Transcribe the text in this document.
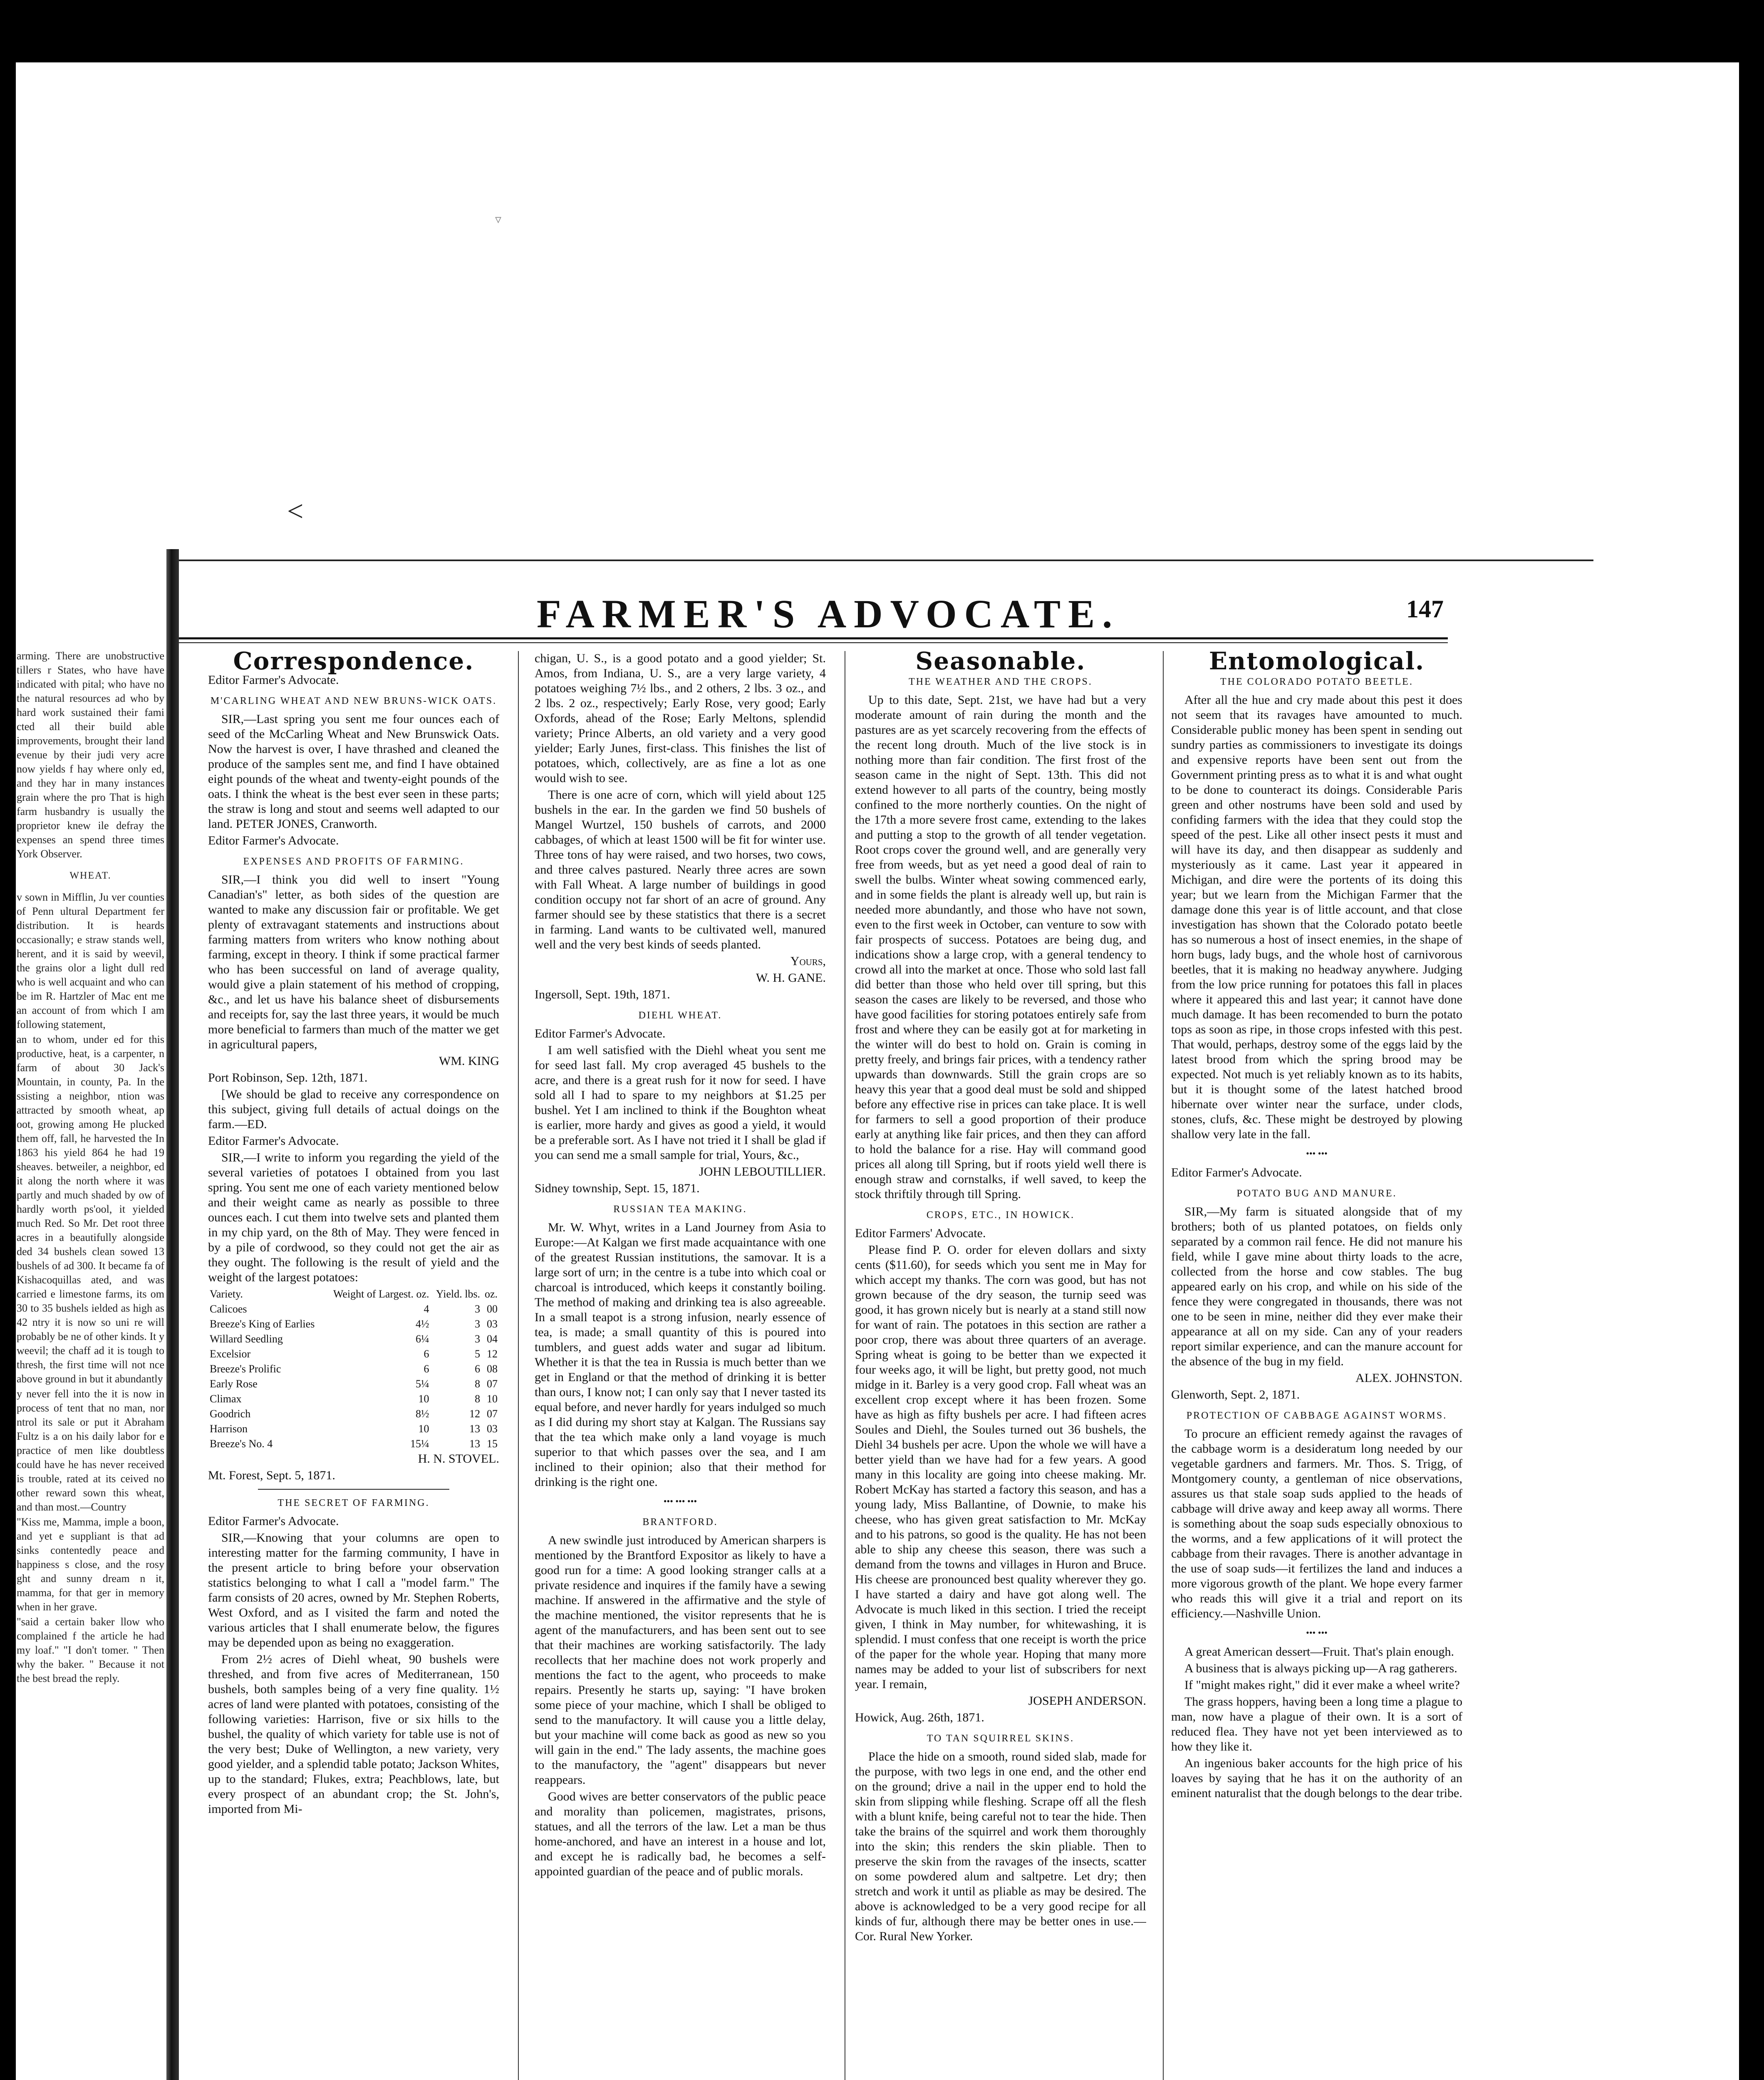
▿
<

arming. There are unobstructive tillers r States, who have have indicated with pital; who have no the natural resources ad who by hard work sustained their fami cted all their build able improvements, brought their land evenue by their judi very acre now yields f hay where only ed, and they har in many instances grain where the pro That is high farm husbandry is usually the proprietor knew ile defray the expenses an spend three times York Observer.

WHEAT.

v sown in Mifflin, Ju ver counties of Penn ultural Department fer distribution. It is heards occasionally; e straw stands well, herent, and it is said by weevil, the grains olor a light dull red who is well acquaint and who can be im R. Hartzler of Mac ent me an account of from which I am following statement,

an to whom, under ed for this productive, heat, is a carpenter, n farm of about 30 Jack's Mountain, in county, Pa. In the ssisting a neighbor, ntion was attracted by smooth wheat, ap oot, growing among He plucked them off, fall, he harvested the In 1863 his yield 864 he had 19 sheaves. betweiler, a neighbor, ed it along the north where it was partly and much shaded by ow of hardly worth ps'ool, it yielded much Red. So Mr. Det root three acres in a beautifully alongside ded 34 bushels clean sowed 13 bushels of ad 300. It became fa of Kishacoquillas ated, and was carried e limestone farms, its om 30 to 35 bushels ielded as high as 42 ntry it is now so uni re will probably be ne of other kinds. It y weevil; the chaff ad it is tough to thresh, the first time will not nce above ground in but it abundantly

y never fell into the it is now in process of tent that no man, nor ntrol its sale or put it Abraham Fultz is a on his daily labor for e practice of men like doubtless could have he has never received is trouble, rated at its ceived no other reward sown this wheat, and than most.—Country

"Kiss me, Mamma, imple a boon, and yet e suppliant is that ad sinks contentedly peace and happiness s close, and the rosy ght and sunny dream n it, mamma, for that ger in memory when in her grave.

"said a certain baker llow who complained f the article he had my loaf." "I don't tomer. " Then why the baker. " Because it not the best bread the reply.

FARMER'S ADVOCATE.	147

Correspondence.

Editor Farmer's Advocate.

M'CARLING WHEAT AND NEW BRUNS-WICK OATS.

SIR,—Last spring you sent me four ounces each of seed of the McCarling Wheat and New Brunswick Oats. Now the harvest is over, I have thrashed and cleaned the produce of the samples sent me, and find I have obtained eight pounds of the wheat and twenty-eight pounds of the oats. I think the wheat is the best ever seen in these parts; the straw is long and stout and seems well adapted to our land. PETER JONES, Cranworth.

Editor Farmer's Advocate.

EXPENSES AND PROFITS OF FARMING.

SIR,—I think you did well to insert "Young Canadian's" letter, as both sides of the question are wanted to make any discussion fair or profitable. We get plenty of extravagant statements and instructions about farming matters from writers who know nothing about farming, except in theory. I think if some practical farmer who has been successful on land of average quality, would give a plain statement of his method of cropping, &c., and let us have his balance sheet of disbursements and receipts for, say the last three years, it would be much more beneficial to farmers than much of the matter we get in agricultural papers,

WM. KING

Port Robinson, Sep. 12th, 1871.

[We should be glad to receive any correspondence on this subject, giving full details of actual doings on the farm.—ED.

Editor Farmer's Advocate.

SIR,—I write to inform you regarding the yield of the several varieties of potatoes I obtained from you last spring. You sent me one of each variety mentioned below and their weight came as nearly as possible to three ounces each. I cut them into twelve sets and planted them in my chip yard, on the 8th of May. They were fenced in by a pile of cordwood, so they could not get the air as they ought. The following is the result of yield and the weight of the largest potatoes:

Variety.	Weight of Largest. oz.	Yield. lbs.	oz.
Calicoes	4	3	00
Breeze's King of Earlies	4½	3	03
Willard Seedling	6¼	3	04
Excelsior	6	5	12
Breeze's Prolific	6	6	08
Early Rose	5¼	8	07
Climax	10	8	10
Goodrich	8½	12	07
Harrison	10	13	03
Breeze's No. 4	15¼	13	15

H. N. STOVEL.

Mt. Forest, Sept. 5, 1871.

THE SECRET OF FARMING.

Editor Farmer's Advocate.

SIR,—Knowing that your columns are open to interesting matter for the farming community, I have in the present article to bring before your observation statistics belonging to what I call a "model farm." The farm consists of 20 acres, owned by Mr. Stephen Roberts, West Oxford, and as I visited the farm and noted the various articles that I shall enumerate below, the figures may be depended upon as being no exaggeration.

From 2½ acres of Diehl wheat, 90 bushels were threshed, and from five acres of Mediterranean, 150 bushels, both samples being of a very fine quality. 1½ acres of land were planted with potatoes, consisting of the following varieties: Harrison, five or six hills to the bushel, the quality of which variety for table use is not of the very best; Duke of Wellington, a new variety, very good yielder, and a splendid table potato; Jackson Whites, up to the standard; Flukes, extra; Peachblows, late, but every prospect of an abundant crop; the St. John's, imported from Mi-

chigan, U. S., is a good potato and a good yielder; St. Amos, from Indiana, U. S., are a very large variety, 4 potatoes weighing 7½ lbs., and 2 others, 2 lbs. 3 oz., and 2 lbs. 2 oz., respectively; Early Rose, very good; Early Oxfords, ahead of the Rose; Early Meltons, splendid variety; Prince Alberts, an old variety and a very good yielder; Early Junes, first-class. This finishes the list of potatoes, which, collectively, are as fine a lot as one would wish to see.

There is one acre of corn, which will yield about 125 bushels in the ear. In the garden we find 50 bushels of Mangel Wurtzel, 150 bushels of carrots, and 2000 cabbages, of which at least 1500 will be fit for winter use. Three tons of hay were raised, and two horses, two cows, and three calves pastured. Nearly three acres are sown with Fall Wheat. A large number of buildings in good condition occupy not far short of an acre of ground. Any farmer should see by these statistics that there is a secret in farming. Land wants to be cultivated well, manured well and the very best kinds of seeds planted.

Yours,

W. H. GANE.

Ingersoll, Sept. 19th, 1871.

DIEHL WHEAT.

Editor Farmer's Advocate.

I am well satisfied with the Diehl wheat you sent me for seed last fall. My crop averaged 45 bushels to the acre, and there is a great rush for it now for seed. I have sold all I had to spare to my neighbors at $1.25 per bushel. Yet I am inclined to think if the Boughton wheat is earlier, more hardy and gives as good a yield, it would be a preferable sort. As I have not tried it I shall be glad if you can send me a small sample for trial, Yours, &c.,

JOHN LEBOUTILLIER.

Sidney township, Sept. 15, 1871.

RUSSIAN TEA MAKING.

Mr. W. Whyt, writes in a Land Journey from Asia to Europe:—At Kalgan we first made acquaintance with one of the greatest Russian institutions, the samovar. It is a large sort of urn; in the centre is a tube into which coal or charcoal is introduced, which keeps it constantly boiling. The method of making and drinking tea is also agreeable. In a small teapot is a strong infusion, nearly essence of tea, is made; a small quantity of this is poured into tumblers, and guest adds water and sugar ad libitum. Whether it is that the tea in Russia is much better than we get in England or that the method of drinking it is better than ours, I know not; I can only say that I never tasted its equal before, and never hardly for years indulged so much as I did during my short stay at Kalgan. The Russians say that the tea which make only a land voyage is much superior to that which passes over the sea, and I am inclined to their opinion; also that their method for drinking is the right one.

••• ••• •••

BRANTFORD.

A new swindle just introduced by American sharpers is mentioned by the Brantford Expositor as likely to have a good run for a time: A good looking stranger calls at a private residence and inquires if the family have a sewing machine. If answered in the affirmative and the style of the machine mentioned, the visitor represents that he is agent of the manufacturers, and has been sent out to see that their machines are working satisfactorily. The lady recollects that her machine does not work properly and mentions the fact to the agent, who proceeds to make repairs. Presently he starts up, saying: "I have broken some piece of your machine, which I shall be obliged to send to the manufactory. It will cause you a little delay, but your machine will come back as good as new so you will gain in the end." The lady assents, the machine goes to the manufactory, the "agent" disappears but never reappears.

Good wives are better conservators of the public peace and morality than policemen, magistrates, prisons, statues, and all the terrors of the law. Let a man be thus home-anchored, and have an interest in a house and lot, and except he is radically bad, he becomes a self-appointed guardian of the peace and of public morals.

Seasonable.

THE WEATHER AND THE CROPS.

Up to this date, Sept. 21st, we have had but a very moderate amount of rain during the month and the pastures are as yet scarcely recovering from the effects of the recent long drouth. Much of the live stock is in nothing more than fair condition. The first frost of the season came in the night of Sept. 13th. This did not extend however to all parts of the country, being mostly confined to the more northerly counties. On the night of the 17th a more severe frost came, extending to the lakes and putting a stop to the growth of all tender vegetation. Root crops cover the ground well, and are generally very free from weeds, but as yet need a good deal of rain to swell the bulbs. Winter wheat sowing commenced early, and in some fields the plant is already well up, but rain is needed more abundantly, and those who have not sown, even to the first week in October, can venture to sow with fair prospects of success. Potatoes are being dug, and indications show a large crop, with a general tendency to crowd all into the market at once. Those who sold last fall did better than those who held over till spring, but this season the cases are likely to be reversed, and those who have good facilities for storing potatoes entirely safe from frost and where they can be easily got at for marketing in the winter will do best to hold on. Grain is coming in pretty freely, and brings fair prices, with a tendency rather upwards than downwards. Still the grain crops are so heavy this year that a good deal must be sold and shipped before any effective rise in prices can take place. It is well for farmers to sell a good proportion of their produce early at anything like fair prices, and then they can afford to hold the balance for a rise. Hay will command good prices all along till Spring, but if roots yield well there is enough straw and cornstalks, if well saved, to keep the stock thriftily through till Spring.

CROPS, ETC., IN HOWICK.

Editor Farmers' Advocate.

Please find P. O. order for eleven dollars and sixty cents ($11.60), for seeds which you sent me in May for which accept my thanks. The corn was good, but has not grown because of the dry season, the turnip seed was good, it has grown nicely but is nearly at a stand still now for want of rain. The potatoes in this section are rather a poor crop, there was about three quarters of an average. Spring wheat is going to be better than we expected it four weeks ago, it will be light, but pretty good, not much midge in it. Barley is a very good crop. Fall wheat was an excellent crop except where it has been frozen. Some have as high as fifty bushels per acre. I had fifteen acres Soules and Diehl, the Soules turned out 36 bushels, the Diehl 34 bushels per acre. Upon the whole we will have a better yield than we have had for a few years. A good many in this locality are going into cheese making. Mr. Robert McKay has started a factory this season, and has a young lady, Miss Ballantine, of Downie, to make his cheese, who has given great satisfaction to Mr. McKay and to his patrons, so good is the quality. He has not been able to ship any cheese this season, there was such a demand from the towns and villages in Huron and Bruce. His cheese are pronounced best quality wherever they go. I have started a dairy and have got along well. The Advocate is much liked in this section. I tried the receipt given, I think in May number, for whitewashing, it is splendid. I must confess that one receipt is worth the price of the paper for the whole year. Hoping that many more names may be added to your list of subscribers for next year. I remain,

JOSEPH ANDERSON.

Howick, Aug. 26th, 1871.

TO TAN SQUIRREL SKINS.

Place the hide on a smooth, round sided slab, made for the purpose, with two legs in one end, and the other end on the ground; drive a nail in the upper end to hold the skin from slipping while fleshing. Scrape off all the flesh with a blunt knife, being careful not to tear the hide. Then take the brains of the squirrel and work them thoroughly into the skin; this renders the skin pliable. Then to preserve the skin from the ravages of the insects, scatter on some powdered alum and saltpetre. Let dry; then stretch and work it until as pliable as may be desired. The above is acknowledged to be a very good recipe for all kinds of fur, although there may be better ones in use.—Cor. Rural New Yorker.

Entomological.

THE COLORADO POTATO BEETLE.

After all the hue and cry made about this pest it does not seem that its ravages have amounted to much. Considerable public money has been spent in sending out sundry parties as commissioners to investigate its doings and expensive reports have been sent out from the Government printing press as to what it is and what ought to be done to counteract its doings. Considerable Paris green and other nostrums have been sold and used by confiding farmers with the idea that they could stop the speed of the pest. Like all other insect pests it must and will have its day, and then disappear as suddenly and mysteriously as it came. Last year it appeared in Michigan, and dire were the portents of its doing this year; but we learn from the Michigan Farmer that the damage done this year is of little account, and that close investigation has shown that the Colorado potato beetle has so numerous a host of insect enemies, in the shape of horn bugs, lady bugs, and the whole host of carnivorous beetles, that it is making no headway anywhere. Judging from the low price running for potatoes this fall in places where it appeared this and last year; it cannot have done much damage. It has been recomended to burn the potato tops as soon as ripe, in those crops infested with this pest. That would, perhaps, destroy some of the eggs laid by the latest brood from which the spring brood may be expected. Not much is yet reliably known as to its habits, but it is thought some of the latest hatched brood hibernate over winter near the surface, under clods, stones, clufs, &c. These might be destroyed by plowing shallow very late in the fall.

••• •••

Editor Farmer's Advocate.

POTATO BUG AND MANURE.

SIR,—My farm is situated alongside that of my brothers; both of us planted potatoes, on fields only separated by a common rail fence. He did not manure his field, while I gave mine about thirty loads to the acre, collected from the horse and cow stables. The bug appeared early on his crop, and while on his side of the fence they were congregated in thousands, there was not one to be seen in mine, neither did they ever make their appearance at all on my side. Can any of your readers report similar experience, and can the manure account for the absence of the bug in my field.

ALEX. JOHNSTON.

Glenworth, Sept. 2, 1871.

PROTECTION OF CABBAGE AGAINST WORMS.

To procure an efficient remedy against the ravages of the cabbage worm is a desideratum long needed by our vegetable gardners and farmers. Mr. Thos. S. Trigg, of Montgomery county, a gentleman of nice observations, assures us that stale soap suds applied to the heads of cabbage will drive away and keep away all worms. There is something about the soap suds especially obnoxious to the worms, and a few applications of it will protect the cabbage from their ravages. There is another advantage in the use of soap suds—it fertilizes the land and induces a more vigorous growth of the plant. We hope every farmer who reads this will give it a trial and report on its efficiency.—Nashville Union.

••• •••

A great American dessert—Fruit. That's plain enough.

A business that is always picking up—A rag gatherers.

If "might makes right," did it ever make a wheel write?

The grass hoppers, having been a long time a plague to man, now have a plague of their own. It is a sort of reduced flea. They have not yet been interviewed as to how they like it.

An ingenious baker accounts for the high price of his loaves by saying that he has it on the authority of an eminent naturalist that the dough belongs to the dear tribe.
